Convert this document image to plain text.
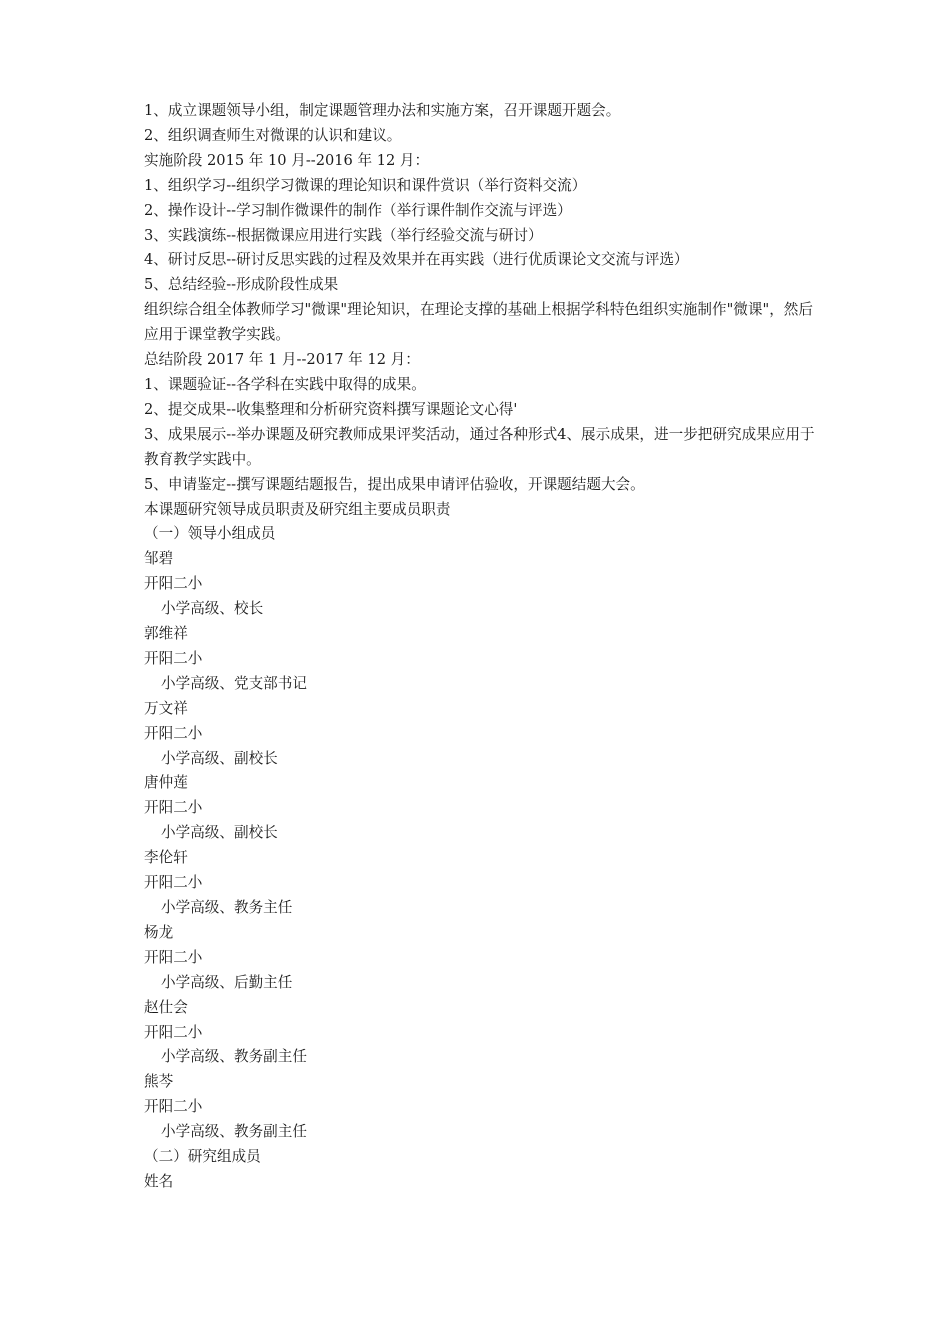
1、成立课题领导小组，制定课题管理办法和实施方案，召开课题开题会。
2、组织调查师生对微课的认识和建议。
实施阶段 2015 年 10 月--2016 年 12 月：
1、组织学习--组织学习微课的理论知识和课件赏识（举行资料交流）
2、操作设计--学习制作微课件的制作（举行课件制作交流与评选）
3、实践演练--根据微课应用进行实践（举行经验交流与研讨）
4、研讨反思--研讨反思实践的过程及效果并在再实践（进行优质课论文交流与评选）
5、总结经验--形成阶段性成果
组织综合组全体教师学习"微课"理论知识，在理论支撑的基础上根据学科特色组织实施制作"微课"，然后应用于课堂教学实践。
总结阶段 2017 年 1 月--2017 年 12 月：
1、课题验证--各学科在实践中取得的成果。
2、提交成果--收集整理和分析研究资料撰写课题论文心得'
3、成果展示--举办课题及研究教师成果评奖活动，通过各种形式4、展示成果，进一步把研究成果应用于教育教学实践中。
5、申请鉴定--撰写课题结题报告，提出成果申请评估验收，开课题结题大会。
本课题研究领导成员职责及研究组主要成员职责
（一）领导小组成员
邹碧
开阳二小
小学高级、校长
郭维祥
开阳二小
小学高级、党支部书记
万文祥
开阳二小
小学高级、副校长
唐仲莲
开阳二小
小学高级、副校长
李伦轩
开阳二小
小学高级、教务主任
杨龙
开阳二小
小学高级、后勤主任
赵仕会
开阳二小
小学高级、教务副主任
熊芩
开阳二小
小学高级、教务副主任
（二）研究组成员
姓名
